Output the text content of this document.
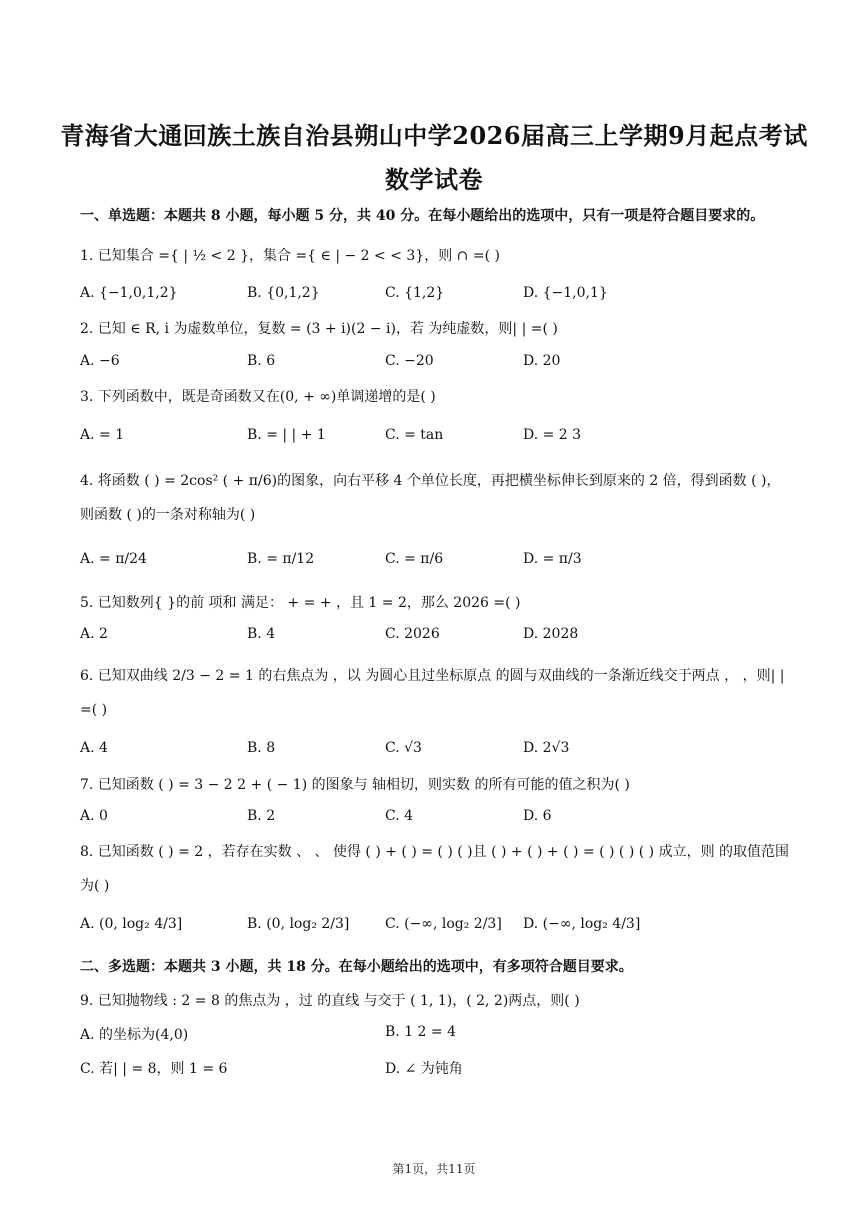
青海省大通回族土族自治县朔山中学2026届高三上学期9月起点考试
数学试卷
一、单选题：本题共 8 小题，每小题 5 分，共 40 分。在每小题给出的选项中，只有一项是符合题目要求的。
1. 已知集合 ={ | ½ < 2 }，集合 ={ ∈ | − 2 < < 3}，则 ∩ =( )
A. {−1,0,1,2}	B. {0,1,2}	C. {1,2}	D. {−1,0,1}
2. 已知 ∈ R, i 为虚数单位，复数 = (3 + i)(2 − i)，若 为纯虚数，则| | =( )
A. −6	B. 6	C. −20	D. 20
3. 下列函数中，既是奇函数又在(0, + ∞)单调递增的是( )
A. = 1	B. = | | + 1	C. = tan	D. = 2 3
4. 将函数 ( ) = 2cos² ( + π/6)的图象，向右平移 4 个单位长度，再把横坐标伸长到原来的 2 倍，得到函数 ( )，则函数 ( )的一条对称轴为( )
A. = π/24	B. = π/12	C. = π/6	D. = π/3
5. 已知数列{ }的前 项和 满足： + = + ，且 1 = 2，那么 2026 =( )
A. 2	B. 4	C. 2026	D. 2028
6. 已知双曲线 2/3 − 2 = 1 的右焦点为 ，以 为圆心且过坐标原点 的圆与双曲线的一条渐近线交于两点 ， ，则| | =( )
A. 4	B. 8	C. √3	D. 2√3
7. 已知函数 ( ) = 3 − 2 2 + ( − 1) 的图象与 轴相切，则实数 的所有可能的值之积为( )
A. 0	B. 2	C. 4	D. 6
8. 已知函数 ( ) = 2 ，若存在实数 、 、 使得 ( ) + ( ) = ( ) ( )且 ( ) + ( ) + ( ) = ( ) ( ) ( ) 成立，则 的取值范围为( )
A. (0, log₂ 4/3]	B. (0, log₂ 2/3]	C. (−∞, log₂ 2/3] D. (−∞, log₂ 4/3]
二、多选题：本题共 3 小题，共 18 分。在每小题给出的选项中，有多项符合题目要求。
9. 已知抛物线 : 2 = 8 的焦点为 ，过 的直线 与交于 ( 1, 1)，( 2, 2)两点，则( )
A. 的坐标为(4,0)	B. 1 2 = 4
C. 若| | = 8，则 1 = 6	D. ∠ 为钝角
第1页，共11页
